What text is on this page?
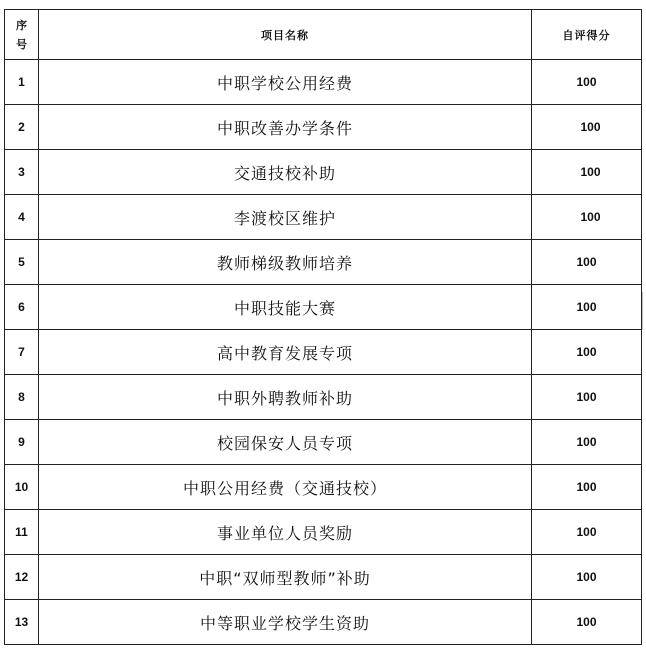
序
号	项目名称	自评得分
1	中职学校公用经费	100
2	中职改善办学条件	100
3	交通技校补助	100
4	李渡校区维护	100
5	教师梯级教师培养	100
6	中职技能大赛	100
7	高中教育发展专项	100
8	中职外聘教师补助	100
9	校园保安人员专项	100
10	中职公用经费（交通技校）	100
11	事业单位人员奖励	100
12	中职“双师型教师”补助	100
13	中等职业学校学生资助	100
